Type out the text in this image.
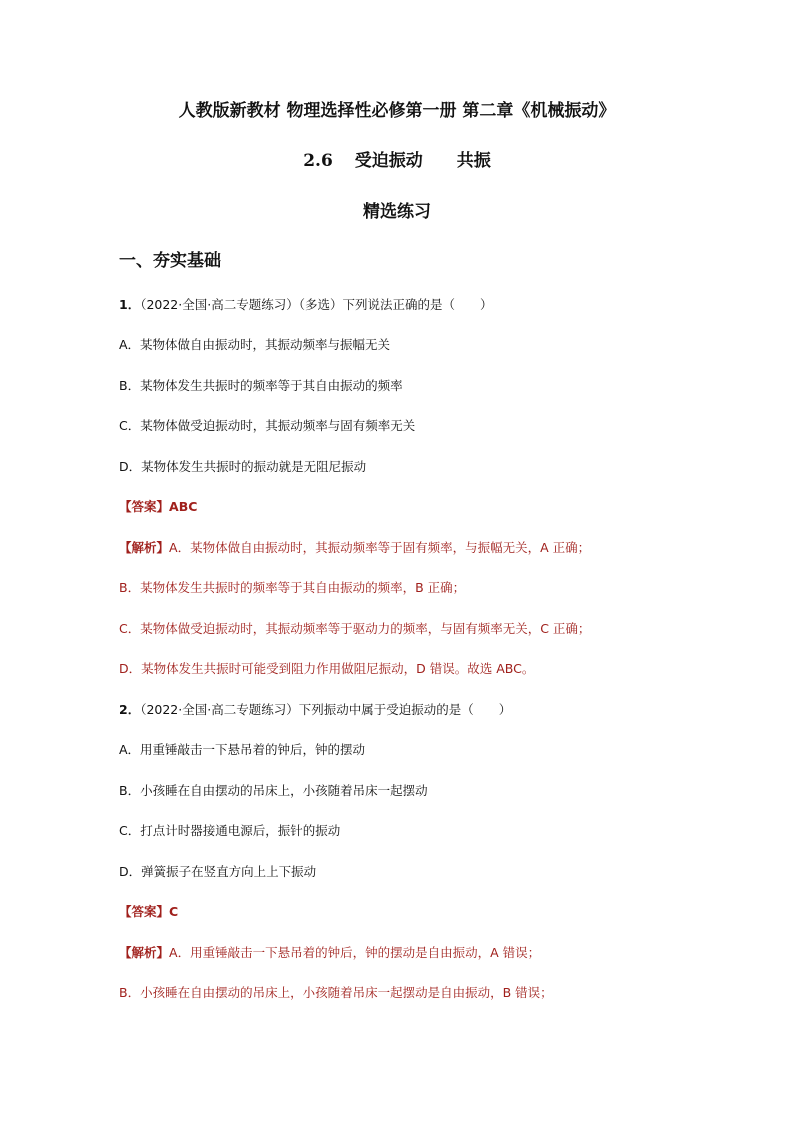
人教版新教材 物理选择性必修第一册 第二章《机械振动》
2.6 受迫振动 共振
精选练习
一、夯实基础
1．（2022·全国·高二专题练习）（多选）下列说法正确的是（　　）
A．某物体做自由振动时，其振动频率与振幅无关
B．某物体发生共振时的频率等于其自由振动的频率
C．某物体做受迫振动时，其振动频率与固有频率无关
D．某物体发生共振时的振动就是无阻尼振动
【答案】ABC
【解析】A．某物体做自由振动时，其振动频率等于固有频率，与振幅无关，A 正确；
B．某物体发生共振时的频率等于其自由振动的频率，B 正确；
C．某物体做受迫振动时，其振动频率等于驱动力的频率，与固有频率无关，C 正确；
D．某物体发生共振时可能受到阻力作用做阻尼振动，D 错误。故选 ABC。
2．（2022·全国·高二专题练习）下列振动中属于受迫振动的是（　　）
A．用重锤敲击一下悬吊着的钟后，钟的摆动
B．小孩睡在自由摆动的吊床上，小孩随着吊床一起摆动
C．打点计时器接通电源后，振针的振动
D．弹簧振子在竖直方向上上下振动
【答案】C
【解析】A．用重锤敲击一下悬吊着的钟后，钟的摆动是自由振动，A 错误；
B．小孩睡在自由摆动的吊床上，小孩随着吊床一起摆动是自由振动，B 错误；
